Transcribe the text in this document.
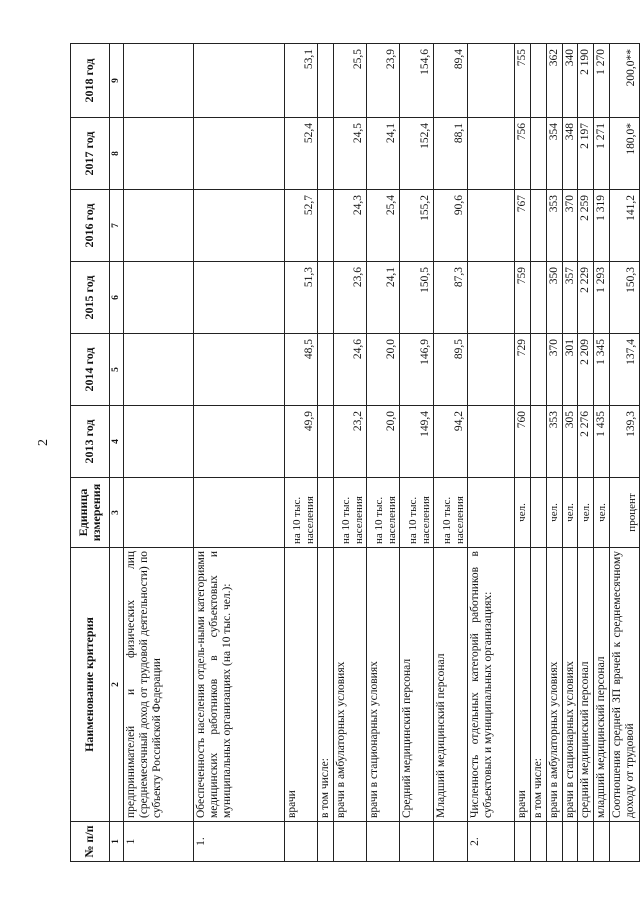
2
№ п/п	Наименование критерия	Единица измерения	2013 год	2014 год	2015 год	2016 год	2017 год	2018 год
1	2	3	4	5	6	7	8	9
1	предпринимателей и физических лиц (среднемесячный доход от трудовой деятельности) по субъекту Российской Федерации							
1.	Обеспеченность населения отдель-ными категориями медицинских работников в субъектовых и муниципальных организациях (на 10 тыс. чел.):							
	врачи	на 10 тыс. населения	49,9	48,5	51,3	52,7	52,4	53,1
	в том числе:							
	врачи в амбулаторных условиях	на 10 тыс. населения	23,2	24,6	23,6	24,3	24,5	25,5
	врачи в стационарных условиях	на 10 тыс. населения	20,0	20,0	24,1	25,4	24,1	23,9
	Средний медицинский персонал	на 10 тыс. населения	149,4	146,9	150,5	155,2	152,4	154,6
	Младший медицинский персонал	на 10 тыс. населения	94,2	89,5	87,3	90,6	88,1	89,4
2.	Численность отдельных категорий работников в субъектовых и муниципальных организациях:							
	врачи	чел.	760	729	759	767	756	755
	в том числе:							
	врачи в амбулаторных условиях	чел.	353	370	350	353	354	362
	врачи в стационарных условиях	чел.	305	301	357	370	348	340
	средний медицинский персонал	чел.	2 276	2 209	2 229	2 259	2 197	2 190
	младший медицинский персонал	чел.	1 435	1 345	1 293	1 319	1 271	1 270
	Соотношения средней ЗП врачей к среднемесячному доходу от трудовой	процент	139,3	137,4	150,3	141,2	180,0*	200,0**
